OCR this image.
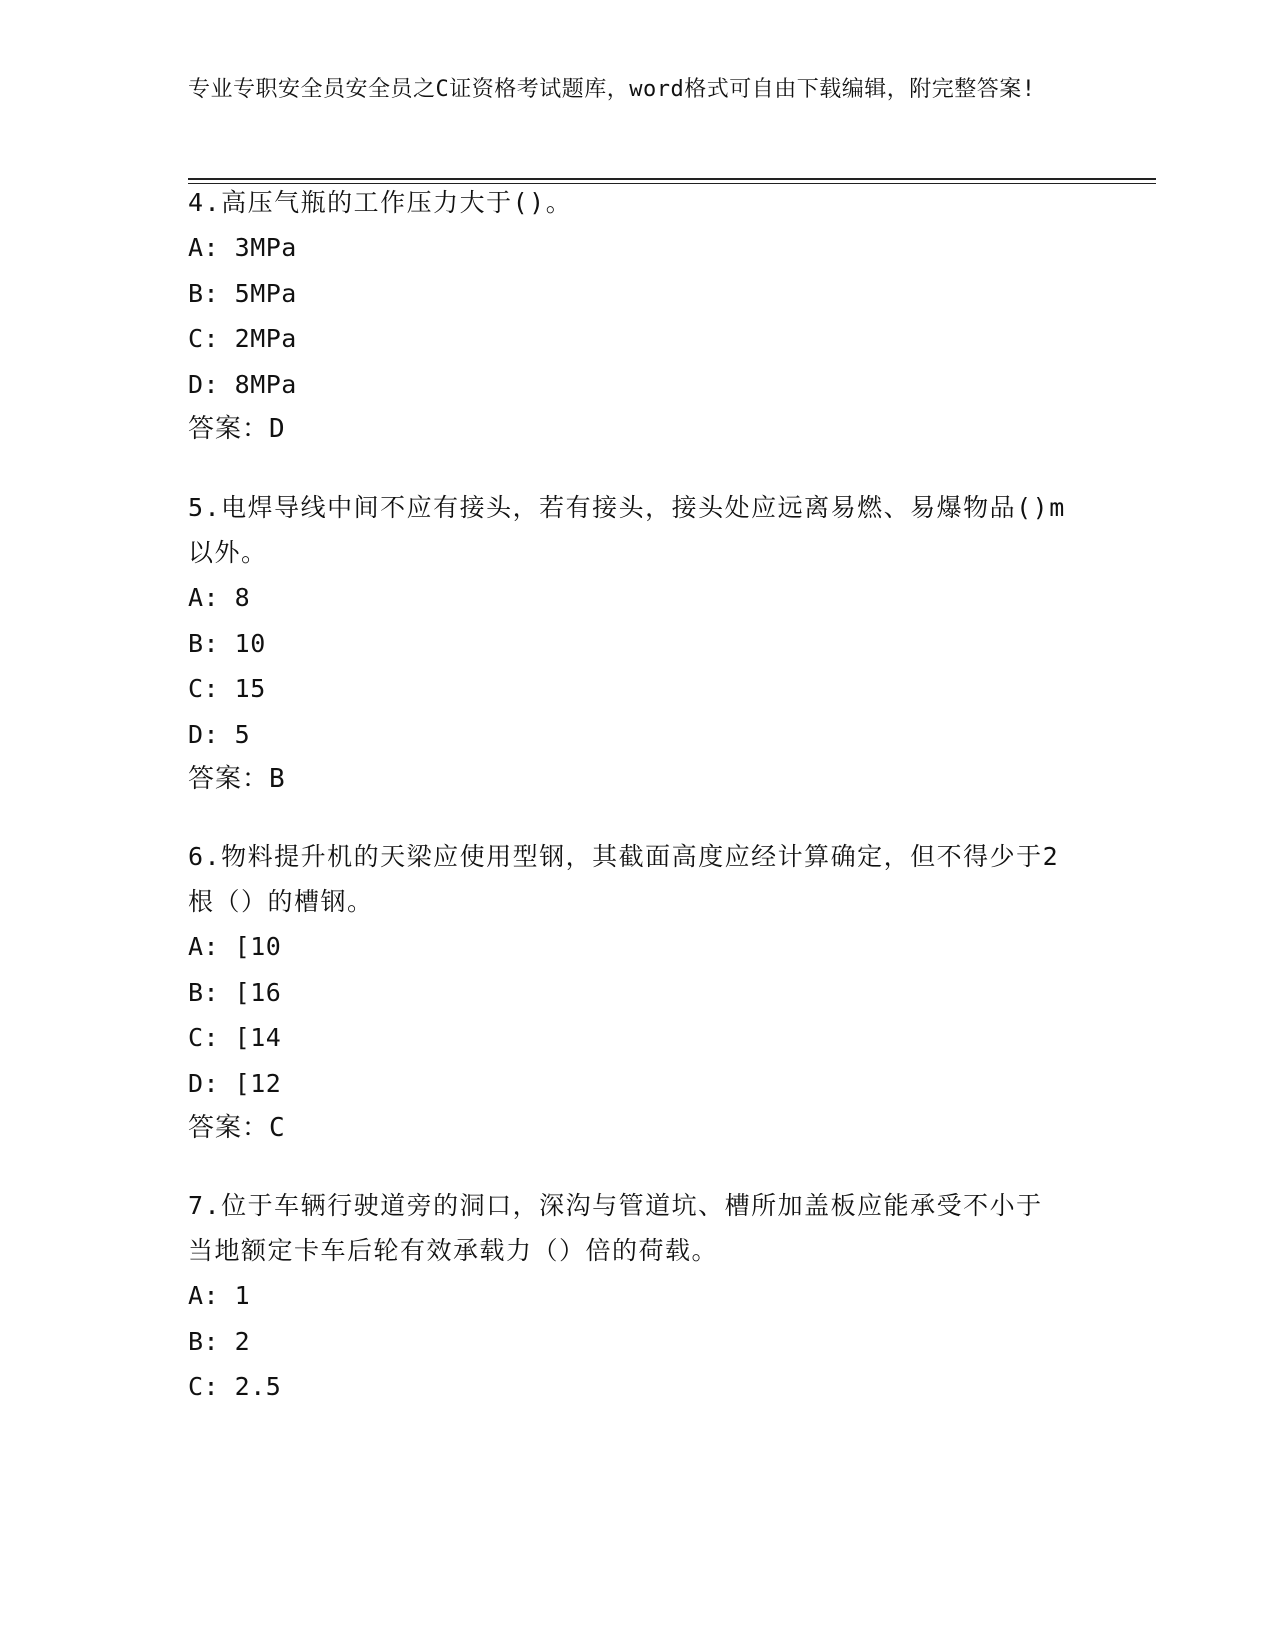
专业专职安全员安全员之C证资格考试题库，word格式可自由下载编辑，附完整答案!
4.高压气瓶的工作压力大于()。
A: 3MPa
B: 5MPa
C: 2MPa
D: 8MPa
答案：D
5.电焊导线中间不应有接头，若有接头，接头处应远离易燃、易爆物品()m以外。
A: 8
B: 10
C: 15
D: 5
答案：B
6.物料提升机的天梁应使用型钢，其截面高度应经计算确定，但不得少于2根（）的槽钢。
A: [10
B: [16
C: [14
D: [12
答案：C
7.位于车辆行驶道旁的洞口，深沟与管道坑、槽所加盖板应能承受不小于当地额定卡车后轮有效承载力（）倍的荷载。
A: 1
B: 2
C: 2.5
